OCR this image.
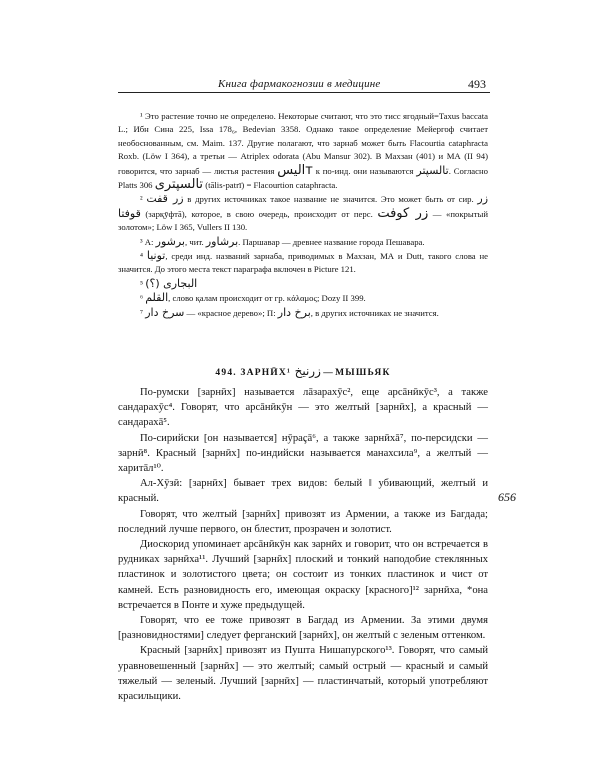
Книга фармакогнозии в медицине	493
¹ Это растение точно не определено. Некоторые считают, что это тисс ягодный=Taxus baccata L.; Ибн Сина 225, Issa 178₆, Bedevian 3358. Однако такое определение Мейергоф считает необоснованным, см. Maim. 137. Другие полагают, что зарнаб может быть Flacourtia cataphracta Roxb. (Löw I 364), а третьи — Atriplex odorata (Abu Mansur 302). В Махзан (401) и МА (II 94) говорится, что зарнаб — листья растения тالیس к по-инд. они называются تالسپتر. Согласно Platts 306 تالسپتری (tālis-patrī) = Flacourtion cataphracta.
² زر قفت в других источниках такое название не значится. Это может быть от сир. زر قوفتا (зарқӯфтā), которое, в свою очередь, происходит от перс. زر کوفت — «покрытый золотом»; Löw I 365, Vullers II 130.
³ А: برشور, чит. برشاور. Паршавар — древнее название города Пешавара.
⁴ تونیا, среди инд. названий зарнаба, приводимых в Махзан, МА и Dutt, такого слова не значится. До этого места текст параграфа включен в Picture 121.
⁵ البجاری (؟)
⁶ القلم, слово қалам происходит от гр. κάλαμος; Dozy II 399.
⁷ سرخ دار — «красное дерево»; П: برخ دار, в других источниках не значится.
494. ЗАРНӢХ¹ زرنيخ — МЫШЬЯК

По-румски [зарнӣх] называется лāзарахӯс², еще арсāнӣкӯс³, а также сандарахӯс⁴. Говорят, что арсāнӣкӯн — это желтый [зарнӣх], а красный — сандарахā⁵.

По-сирийски [он называется] нӯраҫā⁶, а также зарнӣхā⁷, по-персидски — зарнӣ⁸. Красный [зарнӣх] по-индийски называется манахсила⁹, а желтый — харитāл¹⁰.

Ал-Хӯзӣ: [зарнӣх] бывает трех видов: белый ‖ убивающий, желтый и красный.

Говорят, что желтый [зарнӣх] привозят из Армении, а также из Багдада; последний лучше первого, он блестит, прозрачен и золотист.

Диоскорид упоминает арсāнӣкӯн как зарнӣх и говорит, что он встречается в рудниках зарнӣха¹¹. Лучший [зарнӣх] плоский и тонкий наподобие стеклянных пластинок и золотистого цвета; он состоит из тонких пластинок и чист от камней. Есть разновидность его, имеющая окраску [красного]¹² зарнӣха, *она встречается в Понте и хуже предыдущей.

Говорят, что ее тоже привозят в Багдад из Армении. За этими двумя [разновидностями] следует ферганский [зарнӣх], он желтый с зеленым оттенком.

Красный [зарнӣх] привозят из Пушта Нишапурского¹³. Говорят, что самый уравновешенный [зарнӣх] — это желтый; самый острый — красный и самый тяжелый — зеленый. Лучший [зарнӣх] — пластинчатый, который употребляют красильщики.

656
